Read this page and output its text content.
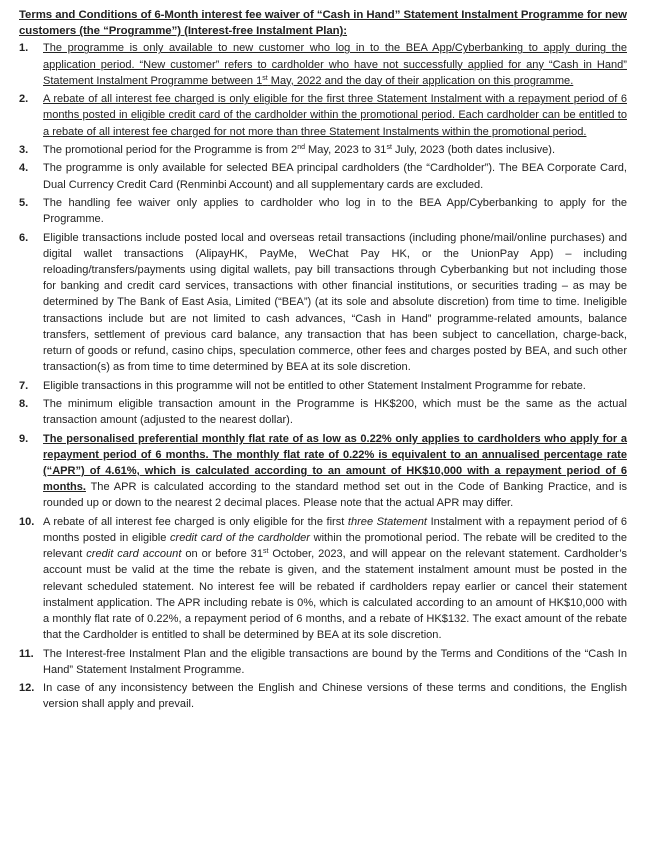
Terms and Conditions of 6-Month interest fee waiver of “Cash in Hand” Statement Instalment Programme for new customers (the “Programme”) (Interest-free Instalment Plan):
1.	The programme is only available to new customer who log in to the BEA App/Cyberbanking to apply during the application period. “New customer” refers to cardholder who have not successfully applied for any “Cash in Hand” Statement Instalment Programme between 1st May, 2022 and the day of their application on this programme.
2.	A rebate of all interest fee charged is only eligible for the first three Statement Instalment with a repayment period of 6 months posted in eligible credit card of the cardholder within the promotional period. Each cardholder can be entitled to a rebate of all interest fee charged for not more than three Statement Instalments within the promotional period.
3.	The promotional period for the Programme is from 2nd May, 2023 to 31st July, 2023 (both dates inclusive).
4.	The programme is only available for selected BEA principal cardholders (the “Cardholder”). The BEA Corporate Card, Dual Currency Credit Card (Renminbi Account) and all supplementary cards are excluded.
5.	The handling fee waiver only applies to cardholder who log in to the BEA App/Cyberbanking to apply for the Programme.
6.	Eligible transactions include posted local and overseas retail transactions (including phone/mail/online purchases) and digital wallet transactions (AlipayHK, PayMe, WeChat Pay HK, or the UnionPay App) – including reloading/transfers/payments using digital wallets, pay bill transactions through Cyberbanking but not including those for banking and credit card services, transactions with other financial institutions, or securities trading – as may be determined by The Bank of East Asia, Limited (“BEA”) (at its sole and absolute discretion) from time to time. Ineligible transactions include but are not limited to cash advances, “Cash in Hand” programme-related amounts, balance transfers, settlement of previous card balance, any transaction that has been subject to cancellation, charge-back, return of goods or refund, casino chips, speculation commerce, other fees and charges posted by BEA, and such other transaction(s) as from time to time determined by BEA at its sole discretion.
7.	Eligible transactions in this programme will not be entitled to other Statement Instalment Programme for rebate.
8.	The minimum eligible transaction amount in the Programme is HK$200, which must be the same as the actual transaction amount (adjusted to the nearest dollar).
9.	The personalised preferential monthly flat rate of as low as 0.22% only applies to cardholders who apply for a repayment period of 6 months. The monthly flat rate of 0.22% is equivalent to an annualised percentage rate (“APR”) of 4.61%, which is calculated according to an amount of HK$10,000 with a repayment period of 6 months. The APR is calculated according to the standard method set out in the Code of Banking Practice, and is rounded up or down to the nearest 2 decimal places. Please note that the actual APR may differ.
10. A rebate of all interest fee charged is only eligible for the first three Statement Instalment with a repayment period of 6 months posted in eligible credit card of the cardholder within the promotional period. The rebate will be credited to the relevant credit card account on or before 31st October, 2023, and will appear on the relevant statement. Cardholder’s account must be valid at the time the rebate is given, and the statement instalment amount must be posted in the relevant scheduled statement. No interest fee will be rebated if cardholders repay earlier or cancel their statement instalment application. The APR including rebate is 0%, which is calculated according to an amount of HK$10,000 with a monthly flat rate of 0.22%, a repayment period of 6 months, and a rebate of HK$132. The exact amount of the rebate that the Cardholder is entitled to shall be determined by BEA at its sole discretion.
11. The Interest-free Instalment Plan and the eligible transactions are bound by the Terms and Conditions of the “Cash In Hand” Statement Instalment Programme.
12. In case of any inconsistency between the English and Chinese versions of these terms and conditions, the English version shall apply and prevail.
